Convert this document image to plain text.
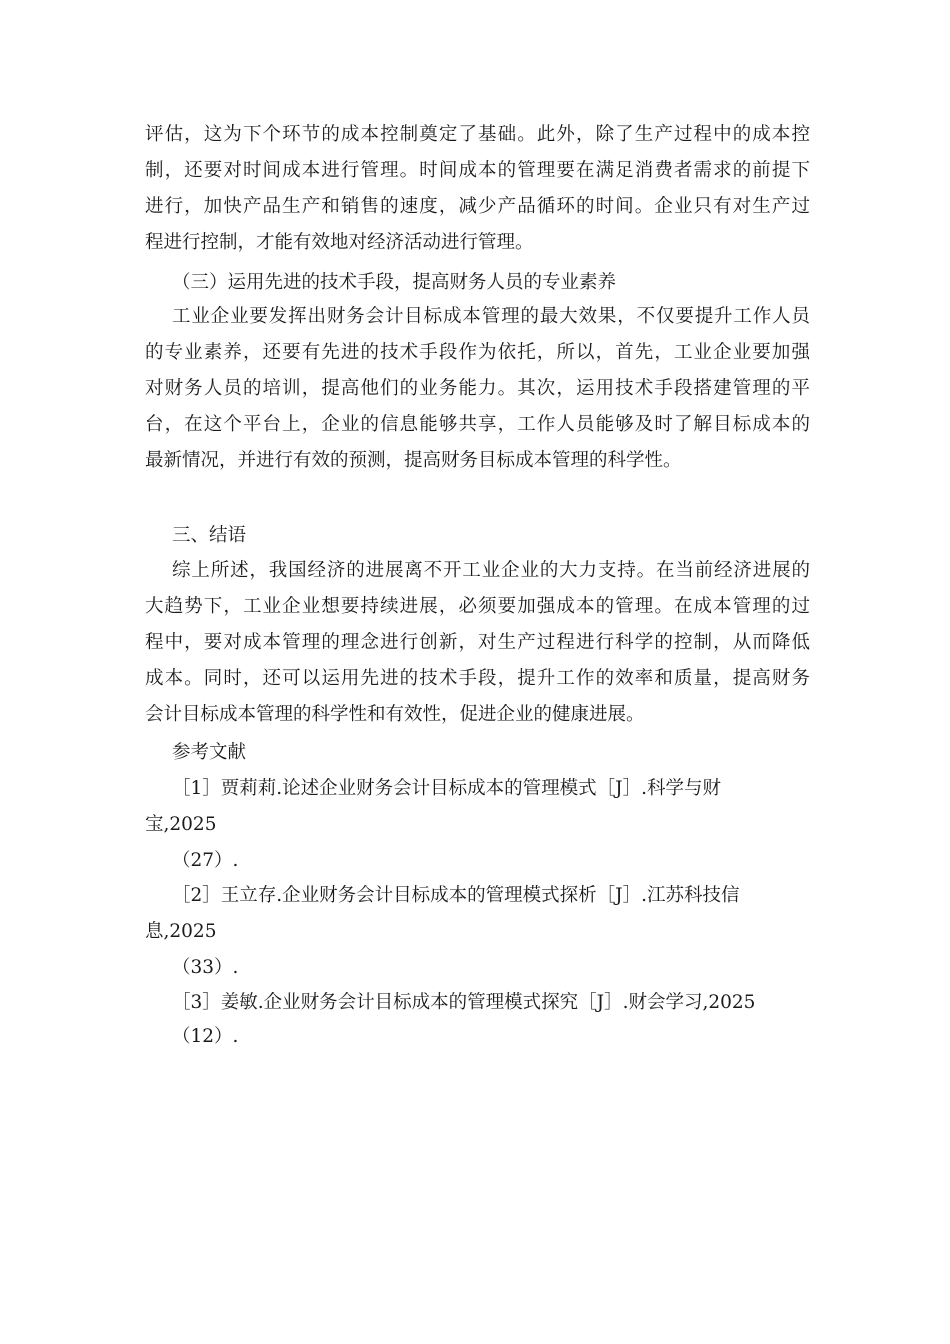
评估，这为下个环节的成本控制奠定了基础。此外，除了生产过程中的成本控
制，还要对时间成本进行管理。时间成本的管理要在满足消费者需求的前提下
进行，加快产品生产和销售的速度，减少产品循环的时间。企业只有对生产过
程进行控制，才能有效地对经济活动进行管理。
（三）运用先进的技术手段，提高财务人员的专业素养
工业企业要发挥出财务会计目标成本管理的最大效果，不仅要提升工作人员
的专业素养，还要有先进的技术手段作为依托，所以，首先，工业企业要加强
对财务人员的培训，提高他们的业务能力。其次，运用技术手段搭建管理的平
台，在这个平台上，企业的信息能够共享，工作人员能够及时了解目标成本的
最新情况，并进行有效的预测，提高财务目标成本管理的科学性。
三、结语
综上所述，我国经济的进展离不开工业企业的大力支持。在当前经济进展的
大趋势下，工业企业想要持续进展，必须要加强成本的管理。在成本管理的过
程中，要对成本管理的理念进行创新，对生产过程进行科学的控制，从而降低
成本。同时，还可以运用先进的技术手段，提升工作的效率和质量，提高财务
会计目标成本管理的科学性和有效性，促进企业的健康进展。
参考文献
［1］贾莉莉.论述企业财务会计目标成本的管理模式［J］.科学与财
宝,2025
（27）.
［2］王立存.企业财务会计目标成本的管理模式探析［J］.江苏科技信
息,2025
（33）.
［3］姜敏.企业财务会计目标成本的管理模式探究［J］.财会学习,2025
（12）.
